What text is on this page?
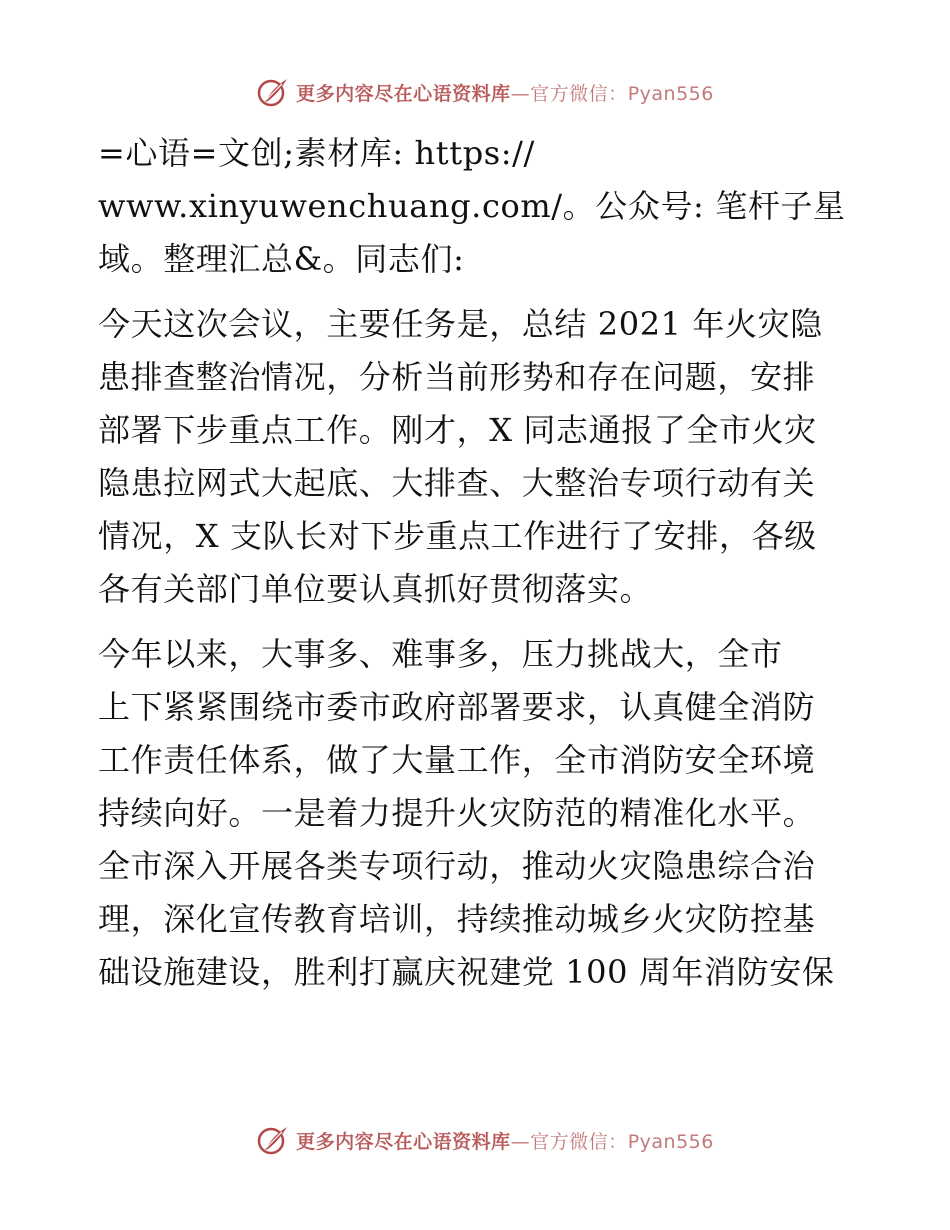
更多内容尽在心语资料库—官方微信：Pyan556

=心语=文创;素材库: https://
www.xinyuwenchuang.com/。公众号: 笔杆子星
域。整理汇总&。同志们:

今天这次会议，主要任务是，总结 2021 年火灾隐
患排查整治情况，分析当前形势和存在问题，安排
部署下步重点工作。刚才，X 同志通报了全市火灾
隐患拉网式大起底、大排查、大整治专项行动有关
情况，X 支队长对下步重点工作进行了安排，各级
各有关部门单位要认真抓好贯彻落实。

今年以来，大事多、难事多，压力挑战大，全市
上下紧紧围绕市委市政府部署要求，认真健全消防
工作责任体系，做了大量工作，全市消防安全环境
持续向好。一是着力提升火灾防范的精准化水平。
全市深入开展各类专项行动，推动火灾隐患综合治
理，深化宣传教育培训，持续推动城乡火灾防控基
础设施建设，胜利打赢庆祝建党 100 周年消防安保

更多内容尽在心语资料库—官方微信：Pyan556
